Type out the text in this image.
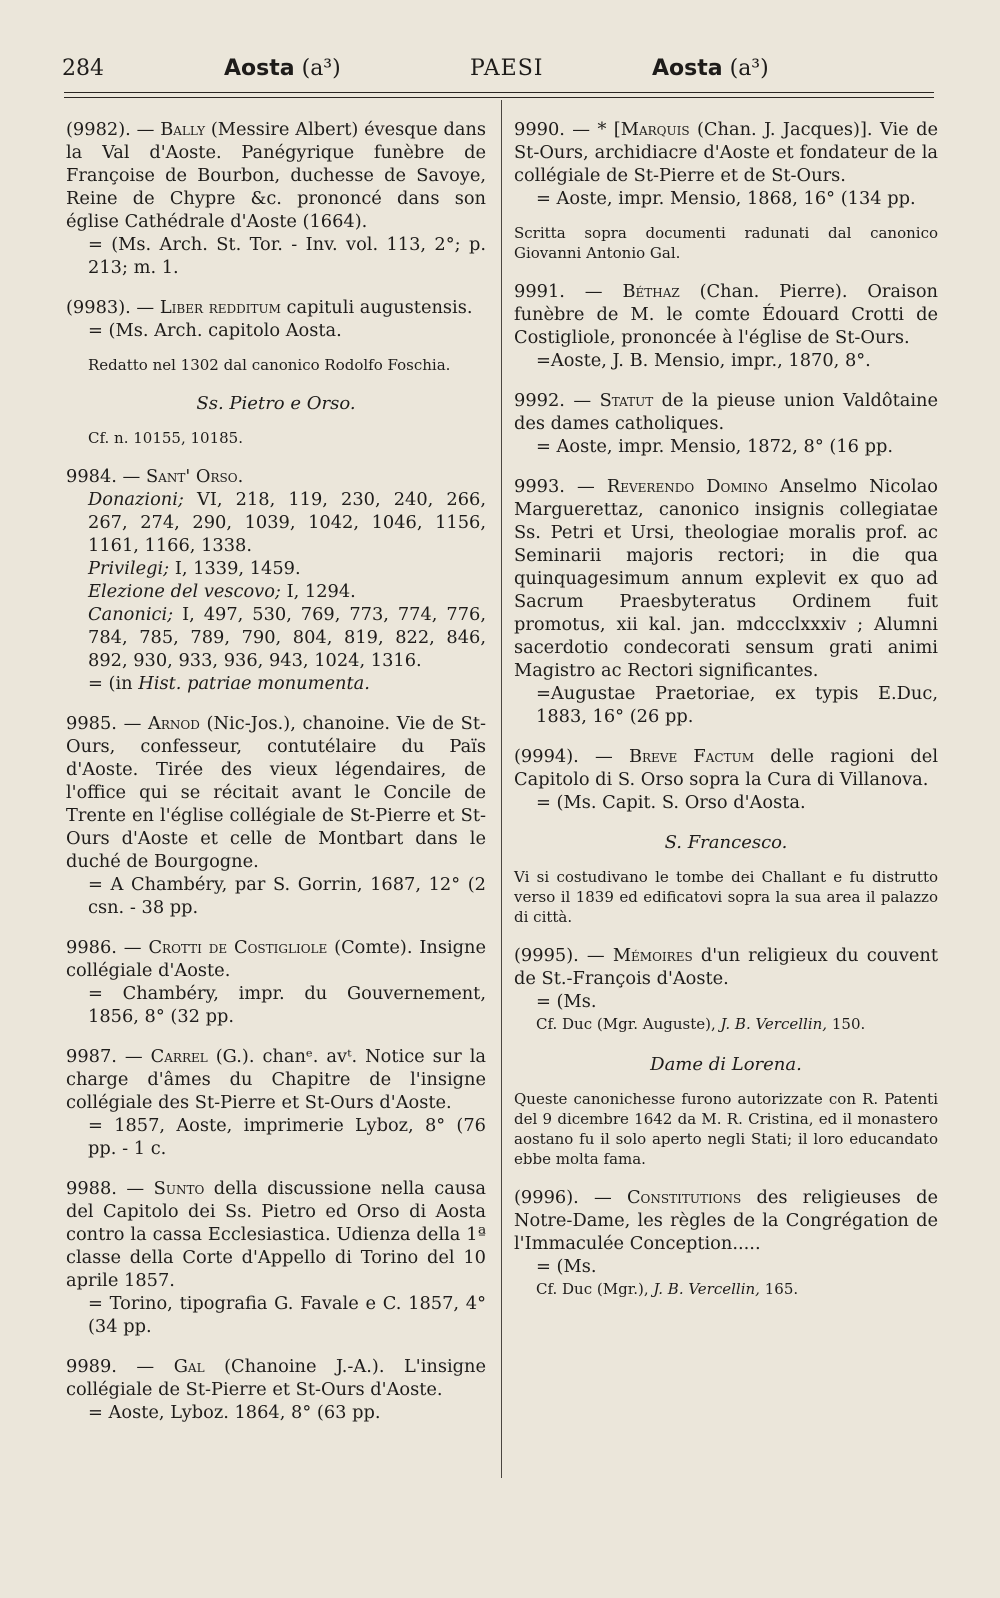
284	Aosta (a³)	PAESI	Aosta (a³)
(9982). — Bally (Messire Albert) évesque dans la Val d'Aoste. Panégyrique funèbre de Françoise de Bourbon, duchesse de Savoye, Reine de Chypre &c. prononcé dans son église Cathédrale d'Aoste (1664).
= (Ms. Arch. St. Tor. - Inv. vol. 113, 2°; p. 213; m. 1.
(9983). — Liber redditum capituli augustensis.
= (Ms. Arch. capitolo Aosta.
Redatto nel 1302 dal canonico Rodolfo Foschia.
Ss. Pietro e Orso.
Cf. n. 10155, 10185.
9984. — Sant' Orso.
Donazioni; VI, 218, 119, 230, 240, 266, 267, 274, 290, 1039, 1042, 1046, 1156, 1161, 1166, 1338.
Privilegi; I, 1339, 1459.
Elezione del vescovo; I, 1294.
Canonici; I, 497, 530, 769, 773, 774, 776, 784, 785, 789, 790, 804, 819, 822, 846, 892, 930, 933, 936, 943, 1024, 1316.
= (in Hist. patriae monumenta.
9985. — Arnod (Nic-Jos.), chanoine. Vie de St-Ours, confesseur, contutélaire du Païs d'Aoste. Tirée des vieux légendaires, de l'office qui se récitait avant le Concile de Trente en l'église collégiale de St-Pierre et St-Ours d'Aoste et celle de Montbart dans le duché de Bourgogne.
= A Chambéry, par S. Gorrin, 1687, 12° (2 csn. - 38 pp.
9986. — Crotti de Costigliole (Comte). Insigne collégiale d'Aoste.
= Chambéry, impr. du Gouvernement, 1856, 8° (32 pp.
9987. — Carrel (G.). chanᵉ. avᵗ. Notice sur la charge d'âmes du Chapitre de l'insigne collégiale des St-Pierre et St-Ours d'Aoste.
= 1857, Aoste, imprimerie Lyboz, 8° (76 pp. - 1 c.
9988. — Sunto della discussione nella causa del Capitolo dei Ss. Pietro ed Orso di Aosta contro la cassa Ecclesiastica. Udienza della 1ª classe della Corte d'Appello di Torino del 10 aprile 1857.
= Torino, tipografia G. Favale e C. 1857, 4° (34 pp.
9989. — Gal (Chanoine J.-A.). L'insigne collégiale de St-Pierre et St-Ours d'Aoste.
= Aoste, Lyboz. 1864, 8° (63 pp.
9990. — * [Marquis (Chan. J. Jacques)]. Vie de St-Ours, archidiacre d'Aoste et fondateur de la collégiale de St-Pierre et de St-Ours.
= Aoste, impr. Mensio, 1868, 16° (134 pp.
Scritta sopra documenti radunati dal canonico Giovanni Antonio Gal.
9991. — Béthaz (Chan. Pierre). Oraison funèbre de M. le comte Édouard Crotti de Costigliole, prononcée à l'église de St-Ours.
=Aoste, J. B. Mensio, impr., 1870, 8°.
9992. — Statut de la pieuse union Valdôtaine des dames catholiques.
= Aoste, impr. Mensio, 1872, 8° (16 pp.
9993. — Reverendo Domino Anselmo Nicolao Marguerettaz, canonico insignis collegiatae Ss. Petri et Ursi, theologiae moralis prof. ac Seminarii majoris rectori; in die qua quinquagesimum annum explevit ex quo ad Sacrum Praesbyteratus Ordinem fuit promotus, xii kal. jan. mdccclxxxiv ; Alumni sacerdotio condecorati sensum grati animi Magistro ac Rectori significantes.
=Augustae Praetoriae, ex typis E.Duc, 1883, 16° (26 pp.
(9994). — Breve Factum delle ragioni del Capitolo di S. Orso sopra la Cura di Villanova.
= (Ms. Capit. S. Orso d'Aosta.
S. Francesco.
Vi si costudivano le tombe dei Challant e fu distrutto verso il 1839 ed edificatovi sopra la sua area il palazzo di città.
(9995). — Mémoires d'un religieux du couvent de St.-François d'Aoste.
= (Ms.
Cf. Duc (Mgr. Auguste), J. B. Vercellin, 150.
Dame di Lorena.
Queste canonichesse furono autorizzate con R. Patenti del 9 dicembre 1642 da M. R. Cristina, ed il monastero aostano fu il solo aperto negli Stati; il loro educandato ebbe molta fama.
(9996). — Constitutions des religieuses de Notre-Dame, les règles de la Congrégation de l'Immaculée Conception.....
= (Ms.
Cf. Duc (Mgr.), J. B. Vercellin, 165.
